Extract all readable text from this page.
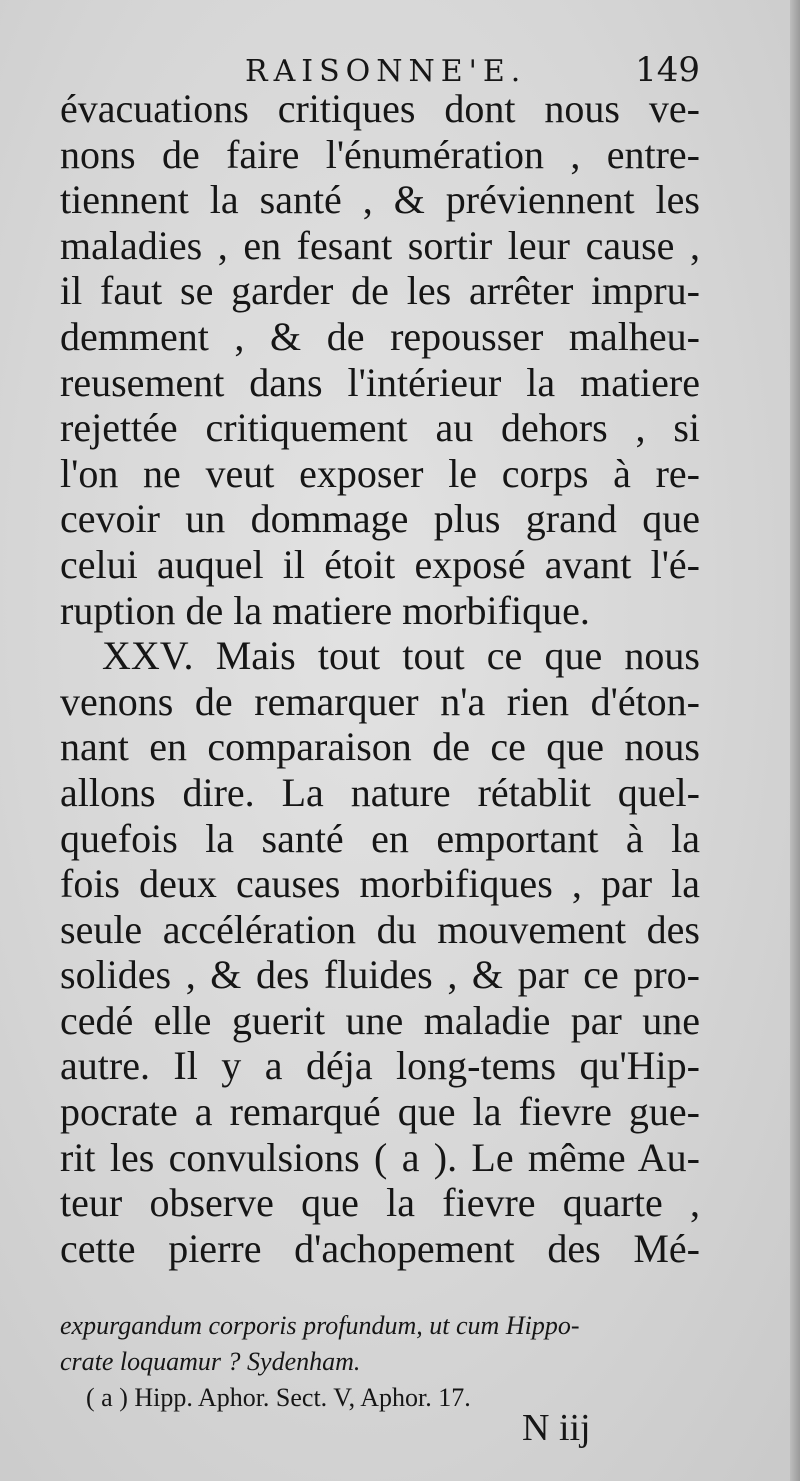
RAISONNE'E.	149
évacuations critiques dont nous ve-
nons de faire l'énumération , entre-
tiennent la santé , & préviennent les
maladies , en fesant sortir leur cause ,
il faut se garder de les arrêter impru-
demment , & de repousser malheu-
reusement dans l'intérieur la matiere
rejettée critiquement au dehors , si
l'on ne veut exposer le corps à re-
cevoir un dommage plus grand que
celui auquel il étoit exposé avant l'é-
ruption de la matiere morbifique.
XXV. Mais tout tout ce que nous
venons de remarquer n'a rien d'éton-
nant en comparaison de ce que nous
allons dire. La nature rétablit quel-
quefois la santé en emportant à la
fois deux causes morbifiques , par la
seule accélération du mouvement des
solides , & des fluides , & par ce pro-
cedé elle guerit une maladie par une
autre. Il y a déja long-tems qu'Hip-
pocrate a remarqué que la fievre gue-
rit les convulsions ( a ). Le même Au-
teur observe que la fievre quarte ,
cette pierre d'achopement des Mé-
expurgandum corporis profundum, ut cum Hippo-
crate loquamur ? Sydenham.
( a ) Hipp. Aphor. Sect. V, Aphor. 17.
N iij
